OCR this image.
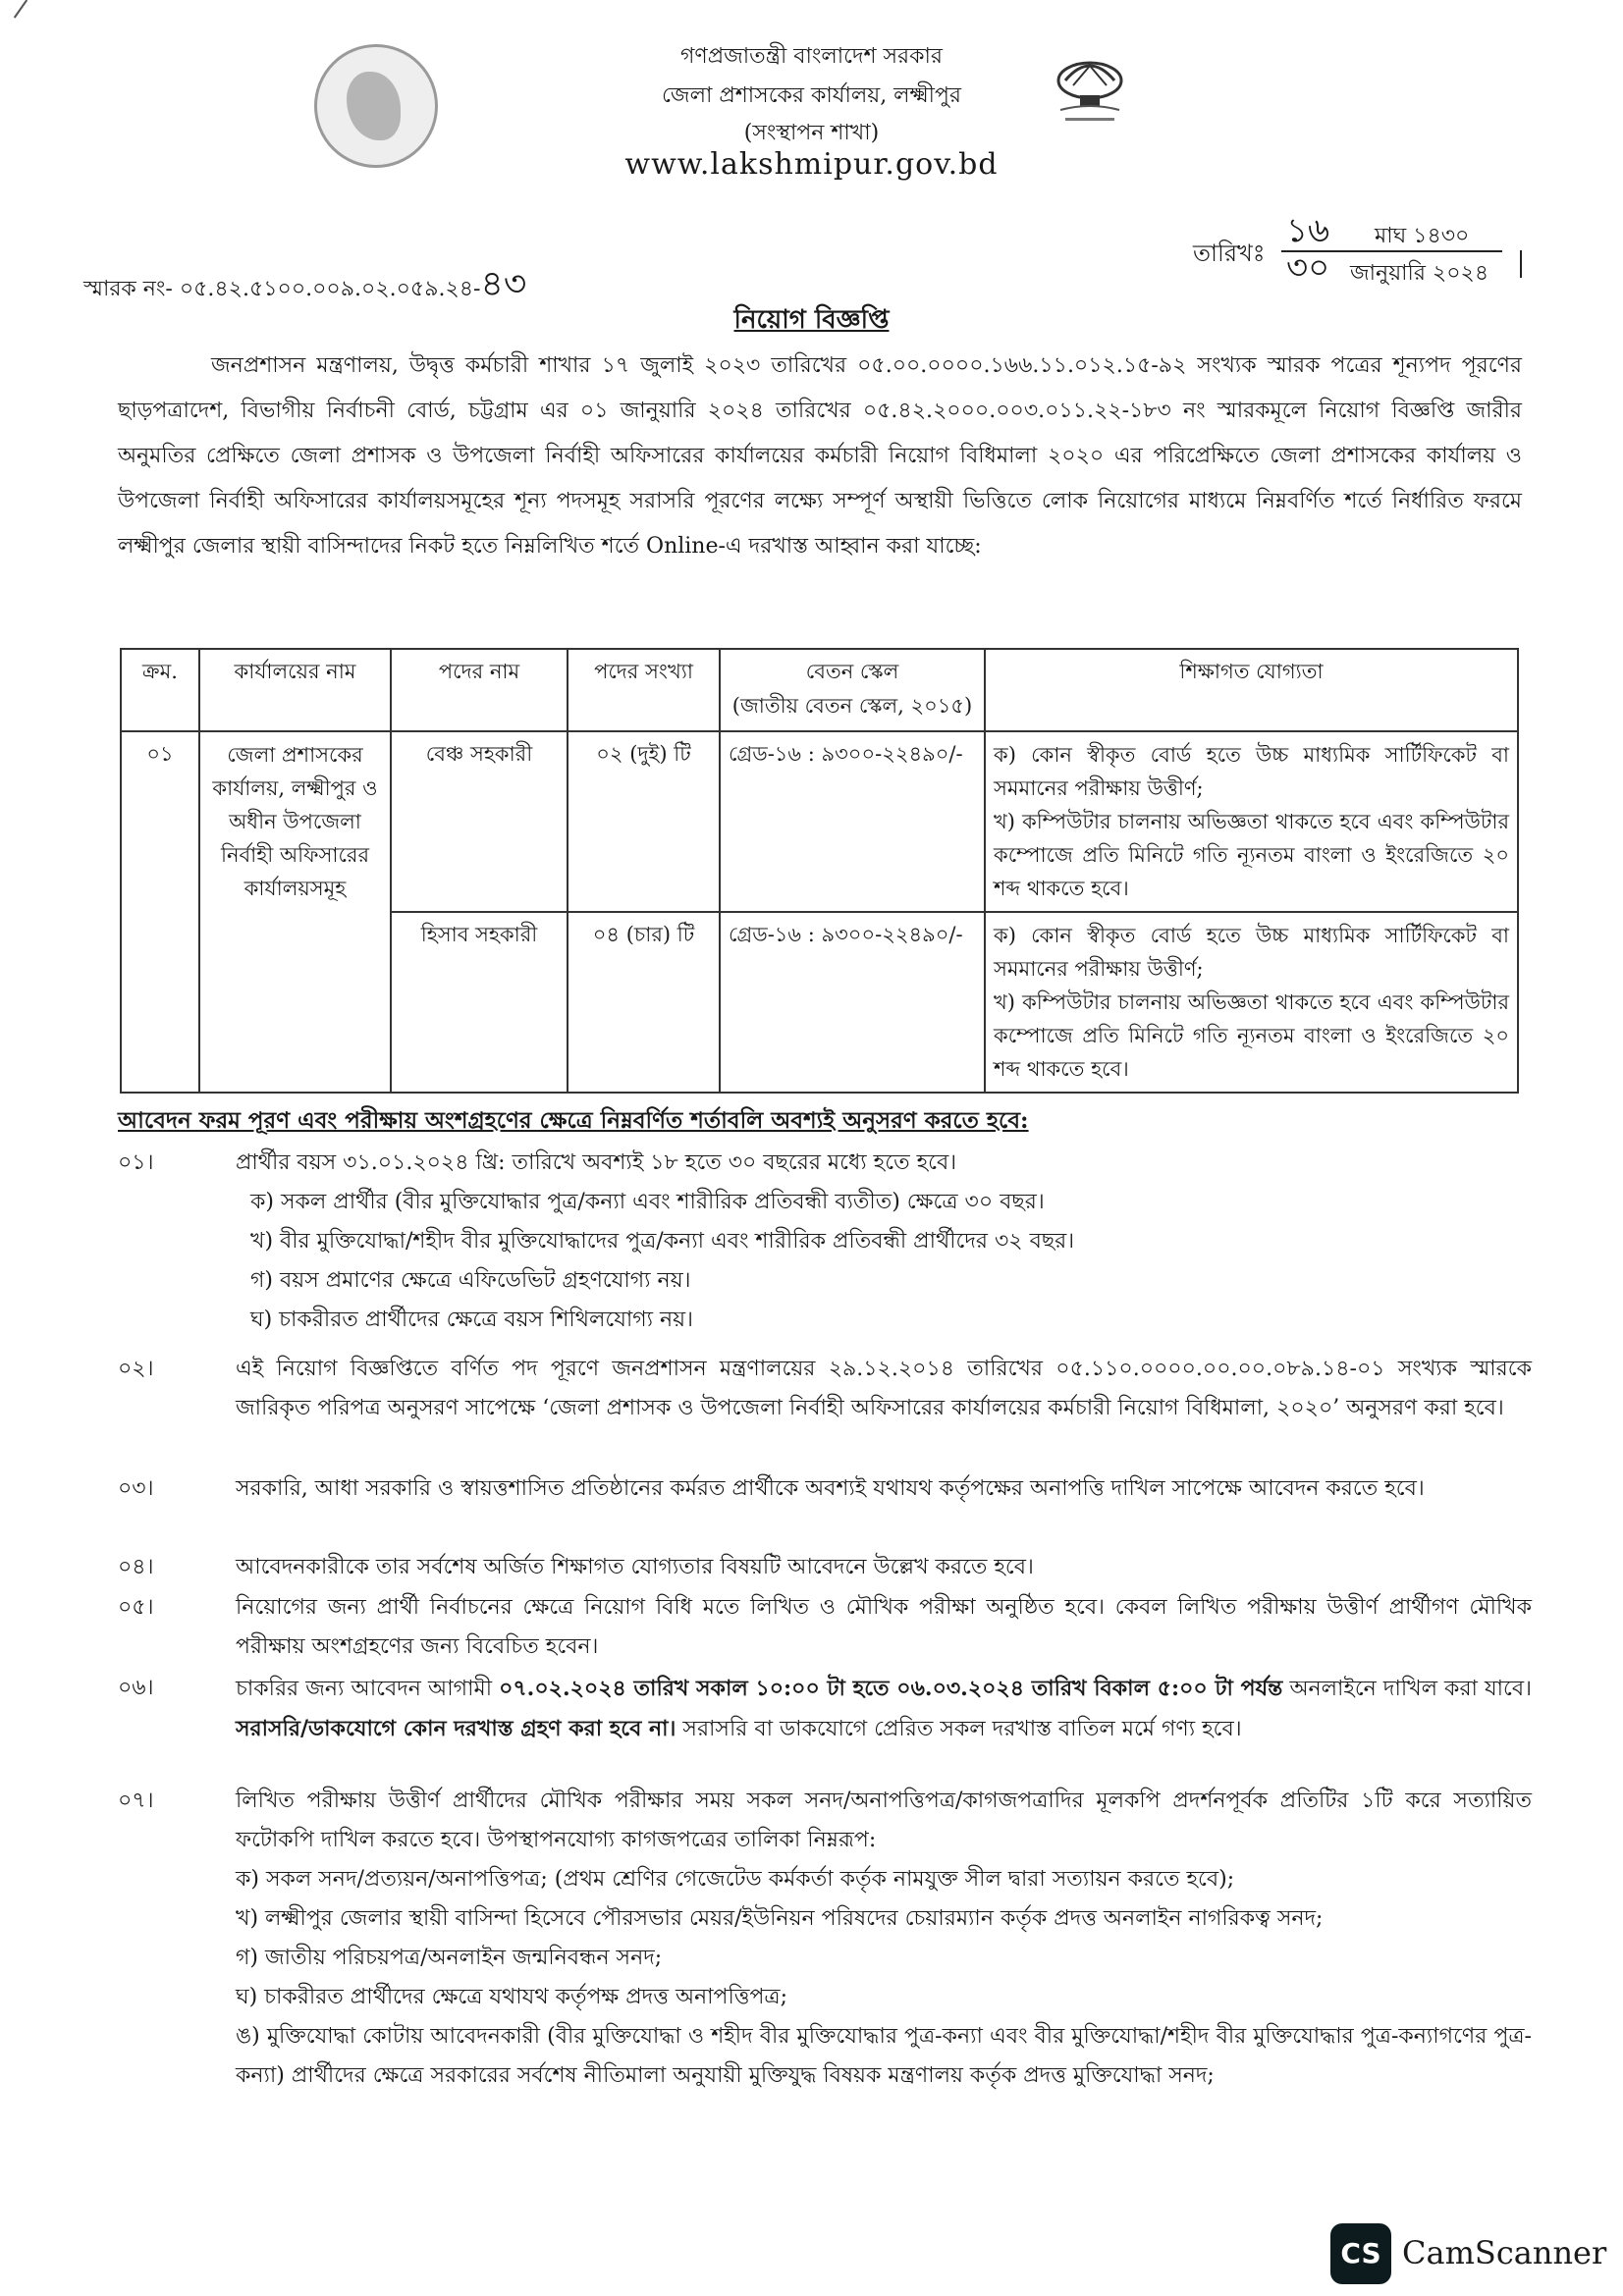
গণপ্রজাতন্ত্রী বাংলাদেশ সরকার
জেলা প্রশাসকের কার্যালয়, লক্ষ্মীপুর
(সংস্থাপন শাখা)
www.lakshmipur.gov.bd
স্মারক নং- ০৫.৪২.৫১০০.০০৯.০২.০৫৯.২৪-৪৩
তারিখঃ
১৬ মাঘ ১৪৩০
৩০ জানুয়ারি ২০২৪
নিয়োগ বিজ্ঞপ্তি
জনপ্রশাসন মন্ত্রণালয়, উদ্বৃত্ত কর্মচারী শাখার ১৭ জুলাই ২০২৩ তারিখের ০৫.০০.০০০০.১৬৬.১১.০১২.১৫-৯২ সংখ্যক স্মারক পত্রের শূন্যপদ পূরণের ছাড়পত্রাদেশ, বিভাগীয় নির্বাচনী বোর্ড, চট্টগ্রাম এর ০১ জানুয়ারি ২০২৪ তারিখের ০৫.৪২.২০০০.০০৩.০১১.২২-১৮৩ নং স্মারকমূলে নিয়োগ বিজ্ঞপ্তি জারীর অনুমতির প্রেক্ষিতে জেলা প্রশাসক ও উপজেলা নির্বাহী অফিসারের কার্যালয়ের কর্মচারী নিয়োগ বিধিমালা ২০২০ এর পরিপ্রেক্ষিতে জেলা প্রশাসকের কার্যালয় ও উপজেলা নির্বাহী অফিসারের কার্যালয়সমূহের শূন্য পদসমূহ সরাসরি পূরণের লক্ষ্যে সম্পূর্ণ অস্থায়ী ভিত্তিতে লোক নিয়োগের মাধ্যমে নিম্নবর্ণিত শর্তে নির্ধারিত ফরমে লক্ষ্মীপুর জেলার স্থায়ী বাসিন্দাদের নিকট হতে নিম্নলিখিত শর্তে Online-এ দরখাস্ত আহ্বান করা যাচ্ছে:
ক্রম.	কার্যালয়ের নাম	পদের নাম	পদের সংখ্যা	বেতন স্কেল
(জাতীয় বেতন স্কেল, ২০১৫)	শিক্ষাগত যোগ্যতা
০১	জেলা প্রশাসকের কার্যালয়, লক্ষ্মীপুর ও অধীন উপজেলা নির্বাহী অফিসারের কার্যালয়সমূহ	বেঞ্চ সহকারী	০২ (দুই) টি	গ্রেড-১৬ : ৯৩০০-২২৪৯০/-	ক) কোন স্বীকৃত বোর্ড হতে উচ্চ মাধ্যমিক সার্টিফিকেট বা সমমানের পরীক্ষায় উত্তীর্ণ;
খ) কম্পিউটার চালনায় অভিজ্ঞতা থাকতে হবে এবং কম্পিউটার কম্পোজে প্রতি মিনিটে গতি ন্যূনতম বাংলা ও ইংরেজিতে ২০ শব্দ থাকতে হবে।

		হিসাব সহকারী	০৪ (চার) টি	গ্রেড-১৬ : ৯৩০০-২২৪৯০/-	ক) কোন স্বীকৃত বোর্ড হতে উচ্চ মাধ্যমিক সার্টিফিকেট বা সমমানের পরীক্ষায় উত্তীর্ণ;
খ) কম্পিউটার চালনায় অভিজ্ঞতা থাকতে হবে এবং কম্পিউটার কম্পোজে প্রতি মিনিটে গতি ন্যূনতম বাংলা ও ইংরেজিতে ২০ শব্দ থাকতে হবে।
আবেদন ফরম পূরণ এবং পরীক্ষায় অংশগ্রহণের ক্ষেত্রে নিম্নবর্ণিত শর্তাবলি অবশ্যই অনুসরণ করতে হবে:
০১।	প্রার্থীর বয়স ৩১.০১.২০২৪ খ্রি: তারিখে অবশ্যই ১৮ হতে ৩০ বছরের মধ্যে হতে হবে।
ক) সকল প্রার্থীর (বীর মুক্তিযোদ্ধার পুত্র/কন্যা এবং শারীরিক প্রতিবন্ধী ব্যতীত) ক্ষেত্রে ৩০ বছর।
খ) বীর মুক্তিযোদ্ধা/শহীদ বীর মুক্তিযোদ্ধাদের পুত্র/কন্যা এবং শারীরিক প্রতিবন্ধী প্রার্থীদের ৩২ বছর।
গ) বয়স প্রমাণের ক্ষেত্রে এফিডেভিট গ্রহণযোগ্য নয়।
ঘ) চাকরীরত প্রার্থীদের ক্ষেত্রে বয়স শিথিলযোগ্য নয়।
০২।	এই নিয়োগ বিজ্ঞপ্তিতে বর্ণিত পদ পূরণে জনপ্রশাসন মন্ত্রণালয়ের ২৯.১২.২০১৪ তারিখের ০৫.১১০.০০০০.০০.০০.০৮৯.১৪-০১ সংখ্যক স্মারকে জারিকৃত পরিপত্র অনুসরণ সাপেক্ষে ‘জেলা প্রশাসক ও উপজেলা নির্বাহী অফিসারের কার্যালয়ের কর্মচারী নিয়োগ বিধিমালা, ২০২০’ অনুসরণ করা হবে।
০৩।	সরকারি, আধা সরকারি ও স্বায়ত্তশাসিত প্রতিষ্ঠানের কর্মরত প্রার্থীকে অবশ্যই যথাযথ কর্তৃপক্ষের অনাপত্তি দাখিল সাপেক্ষে আবেদন করতে হবে।
০৪।	আবেদনকারীকে তার সর্বশেষ অর্জিত শিক্ষাগত যোগ্যতার বিষয়টি আবেদনে উল্লেখ করতে হবে।
০৫।	নিয়োগের জন্য প্রার্থী নির্বাচনের ক্ষেত্রে নিয়োগ বিধি মতে লিখিত ও মৌখিক পরীক্ষা অনুষ্ঠিত হবে। কেবল লিখিত পরীক্ষায় উত্তীর্ণ প্রার্থীগণ মৌখিক পরীক্ষায় অংশগ্রহণের জন্য বিবেচিত হবেন।
০৬।	চাকরির জন্য আবেদন আগামী ০৭.০২.২০২৪ তারিখ সকাল ১০:০০ টা হতে ০৬.০৩.২০২৪ তারিখ বিকাল ৫:০০ টা পর্যন্ত অনলাইনে দাখিল করা যাবে। সরাসরি/ডাকযোগে কোন দরখাস্ত গ্রহণ করা হবে না। সরাসরি বা ডাকযোগে প্রেরিত সকল দরখাস্ত বাতিল মর্মে গণ্য হবে।
০৭।	লিখিত পরীক্ষায় উত্তীর্ণ প্রার্থীদের মৌখিক পরীক্ষার সময় সকল সনদ/অনাপত্তিপত্র/কাগজপত্রাদির মূলকপি প্রদর্শনপূর্বক প্রতিটির ১টি করে সত্যায়িত ফটোকপি দাখিল করতে হবে। উপস্থাপনযোগ্য কাগজপত্রের তালিকা নিম্নরূপ:
ক) সকল সনদ/প্রত্যয়ন/অনাপত্তিপত্র; (প্রথম শ্রেণির গেজেটেড কর্মকর্তা কর্তৃক নামযুক্ত সীল দ্বারা সত্যায়ন করতে হবে);
খ) লক্ষ্মীপুর জেলার স্থায়ী বাসিন্দা হিসেবে পৌরসভার মেয়র/ইউনিয়ন পরিষদের চেয়ারম্যান কর্তৃক প্রদত্ত অনলাইন নাগরিকত্ব সনদ;
গ) জাতীয় পরিচয়পত্র/অনলাইন জন্মনিবন্ধন সনদ;
ঘ) চাকরীরত প্রার্থীদের ক্ষেত্রে যথাযথ কর্তৃপক্ষ প্রদত্ত অনাপত্তিপত্র;
ঙ) মুক্তিযোদ্ধা কোটায় আবেদনকারী (বীর মুক্তিযোদ্ধা ও শহীদ বীর মুক্তিযোদ্ধার পুত্র-কন্যা এবং বীর মুক্তিযোদ্ধা/শহীদ বীর মুক্তিযোদ্ধার পুত্র-কন্যাগণের পুত্র-কন্যা) প্রার্থীদের ক্ষেত্রে সরকারের সর্বশেষ নীতিমালা অনুযায়ী মুক্তিযুদ্ধ বিষয়ক মন্ত্রণালয় কর্তৃক প্রদত্ত মুক্তিযোদ্ধা সনদ;
CS CamScanner
